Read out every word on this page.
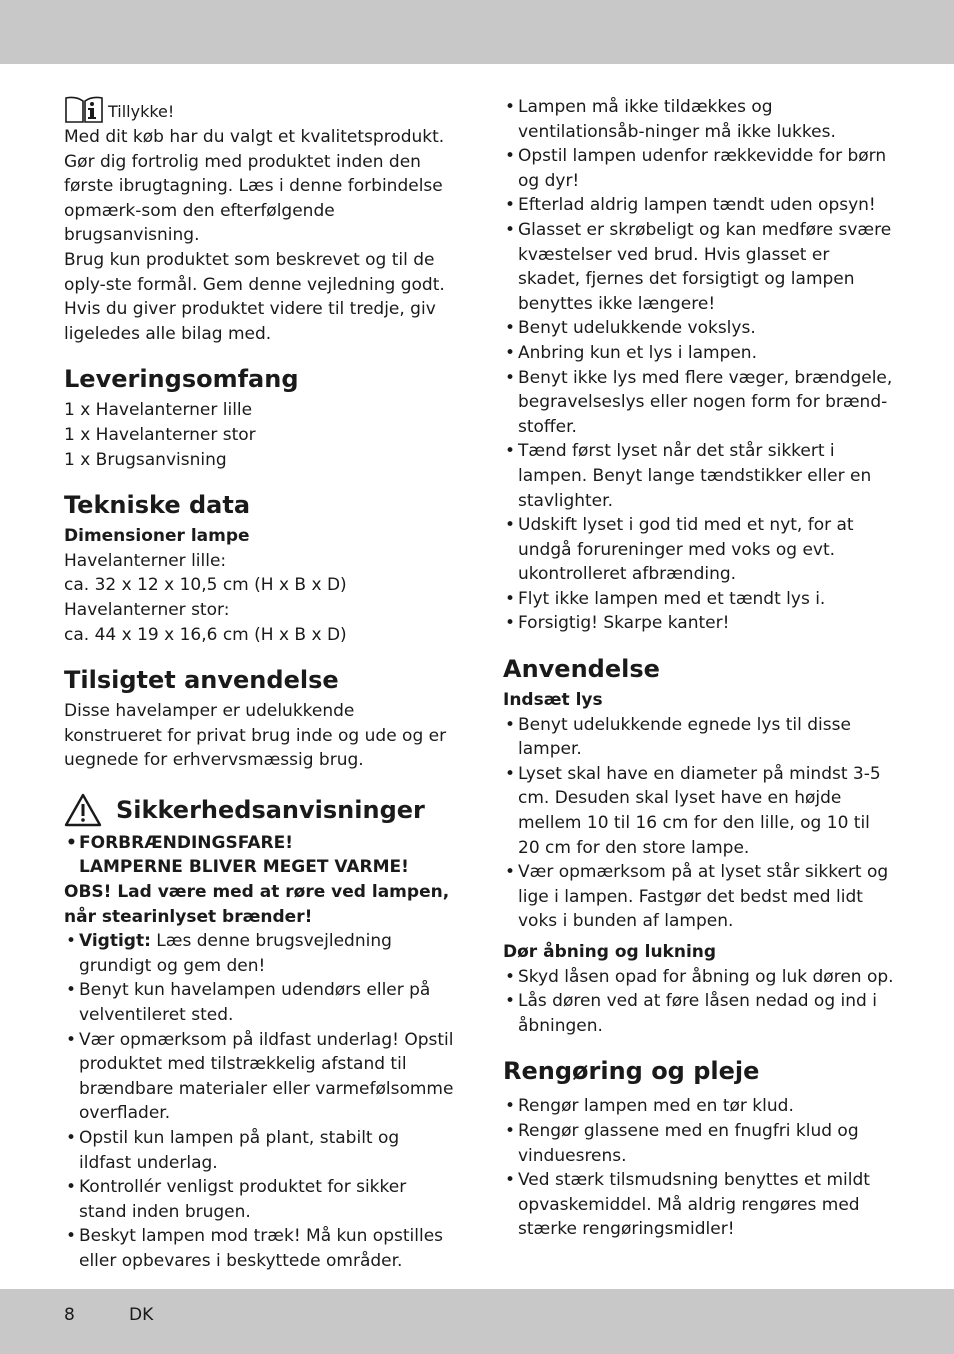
Tillykke!

Med dit køb har du valgt et kvalitetsprodukt. Gør dig fortrolig med produktet inden den første ibrugtagning. Læs i denne forbindelse opmærk-som den efterfølgende brugsanvisning.

Brug kun produktet som beskrevet og til de oply-ste formål. Gem denne vejledning godt. Hvis du giver produktet videre til tredje, giv ligeledes alle bilag med.

Leveringsomfang

1 x Havelanterner lille

1 x Havelanterner stor

1 x Brugsanvisning

Tekniske data
Dimensioner lampe

Havelanterner lille:

ca. 32 x 12 x 10,5 cm (H x B x D)

Havelanterner stor:

ca. 44 x 19 x 16,6 cm (H x B x D)

Tilsigtet anvendelse

Disse havelamper er udelukkende konstrueret for privat brug inde og ude og er uegnede for erhvervsmæssig brug.

Sikkerhedsanvisninger
• FORBRÆNDINGSFARE!
LAMPERNE BLIVER MEGET VARME!

OBS! Lad være med at røre ved lampen, når stearinlyset brænder!

• Vigtigt: Læs denne brugsvejledning grundigt og gem den!
• Benyt kun havelampen udendørs eller på velventileret sted.
• Vær opmærksom på ildfast underlag! Opstil produktet med tilstrækkelig afstand til brændbare materialer eller varmefølsomme overflader.
• Opstil kun lampen på plant, stabilt og ildfast underlag.
• Kontrollér venligst produktet for sikker stand inden brugen.
• Beskyt lampen mod træk! Må kun opstilles eller opbevares i beskyttede områder.
• Lampen må ikke tildækkes og ventilationsåb-ninger må ikke lukkes.
• Opstil lampen udenfor rækkevidde for børn og dyr!
• Efterlad aldrig lampen tændt uden opsyn!
• Glasset er skrøbeligt og kan medføre svære kvæstelser ved brud. Hvis glasset er skadet, fjernes det forsigtigt og lampen benyttes ikke længere!
• Benyt udelukkende vokslys.
• Anbring kun et lys i lampen.
• Benyt ikke lys med flere væger, brændgele, begravelseslys eller nogen form for brænd-stoffer.
• Tænd først lyset når det står sikkert i lampen. Benyt lange tændstikker eller en stavlighter.
• Udskift lyset i god tid med et nyt, for at undgå forureninger med voks og evt. ukontrolleret afbrænding.
• Flyt ikke lampen med et tændt lys i.
• Forsigtig! Skarpe kanter!
Anvendelse
Indsæt lys
• Benyt udelukkende egnede lys til disse lamper.
• Lyset skal have en diameter på mindst 3-5 cm. Desuden skal lyset have en højde mellem 10 til 16 cm for den lille, og 10 til 20 cm for den store lampe.
• Vær opmærksom på at lyset står sikkert og lige i lampen. Fastgør det bedst med lidt voks i bunden af lampen.
Dør åbning og lukning
• Skyd låsen opad for åbning og luk døren op.
• Lås døren ved at føre låsen nedad og ind i åbningen.
Rengøring og pleje
• Rengør lampen med en tør klud.
• Rengør glassene med en fnugfri klud og vinduesrens.
• Ved stærk tilsmudsning benyttes et mildt opvaskemiddel. Må aldrig rengøres med stærke rengøringsmidler!
8	DK
